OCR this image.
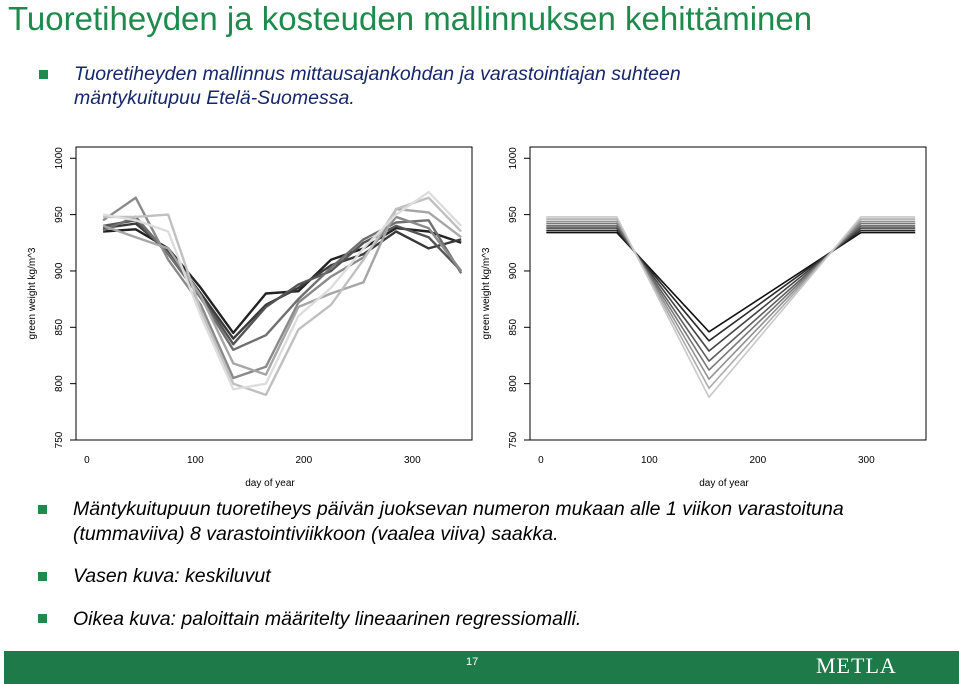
Tuoretiheyden ja kosteuden mallinnuksen kehittäminen
Tuoretiheyden mallinnus mittausajankohdan ja varastointiajan suhteen mäntykuitupuu Etelä-Suomessa.
750
800
850
900
950
1000
0	100	200	300
day of year
green weight kg/m^3
750
800
850
900
950
1000
0	100	200	300
day of year
green weight kg/m^3
Mäntykuitupuun tuoretiheys päivän juoksevan numeron mukaan alle 1 viikon varastoituna (tummaviiva) 8 varastointiviikkoon (vaalea viiva) saakka.
Vasen kuva: keskiluvut
Oikea kuva: paloittain määritelty lineaarinen regressiomalli.
17	METLA
